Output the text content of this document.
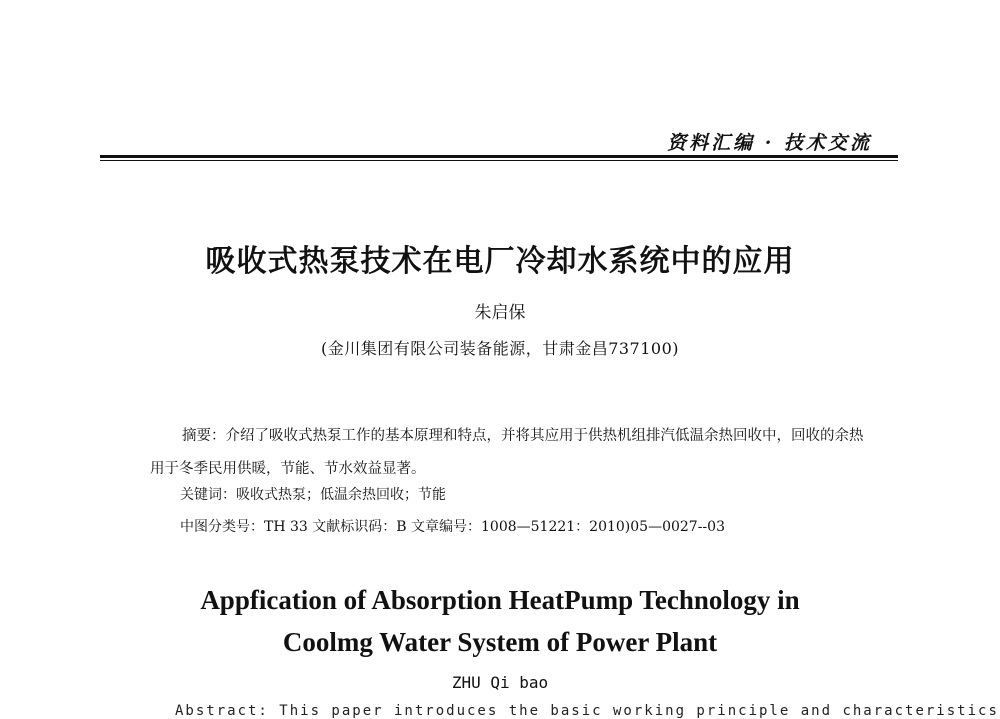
资料汇编 · 技术交流
吸收式热泵技术在电厂冷却水系统中的应用
朱启保
(金川集团有限公司装备能源，甘肃金昌737100)

摘要：介绍了吸收式热泵工作的基本原理和特点，并将其应用于供热机组排汽低温余热回收中，回收的余热用于冬季民用供暖，节能、节水效益显著。

关键词：吸收式热泵；低温余热回收；节能
中图分类号：TH 33 文献标识码：B 文章编号：1008—51221：2010)05—0027--03
Appfication of Absorption HeatPump Technology in
Coolmg Water System of Power Plant
ZHU Qi bao
Abstract: This paper introduces the basic working principle and characteristics
